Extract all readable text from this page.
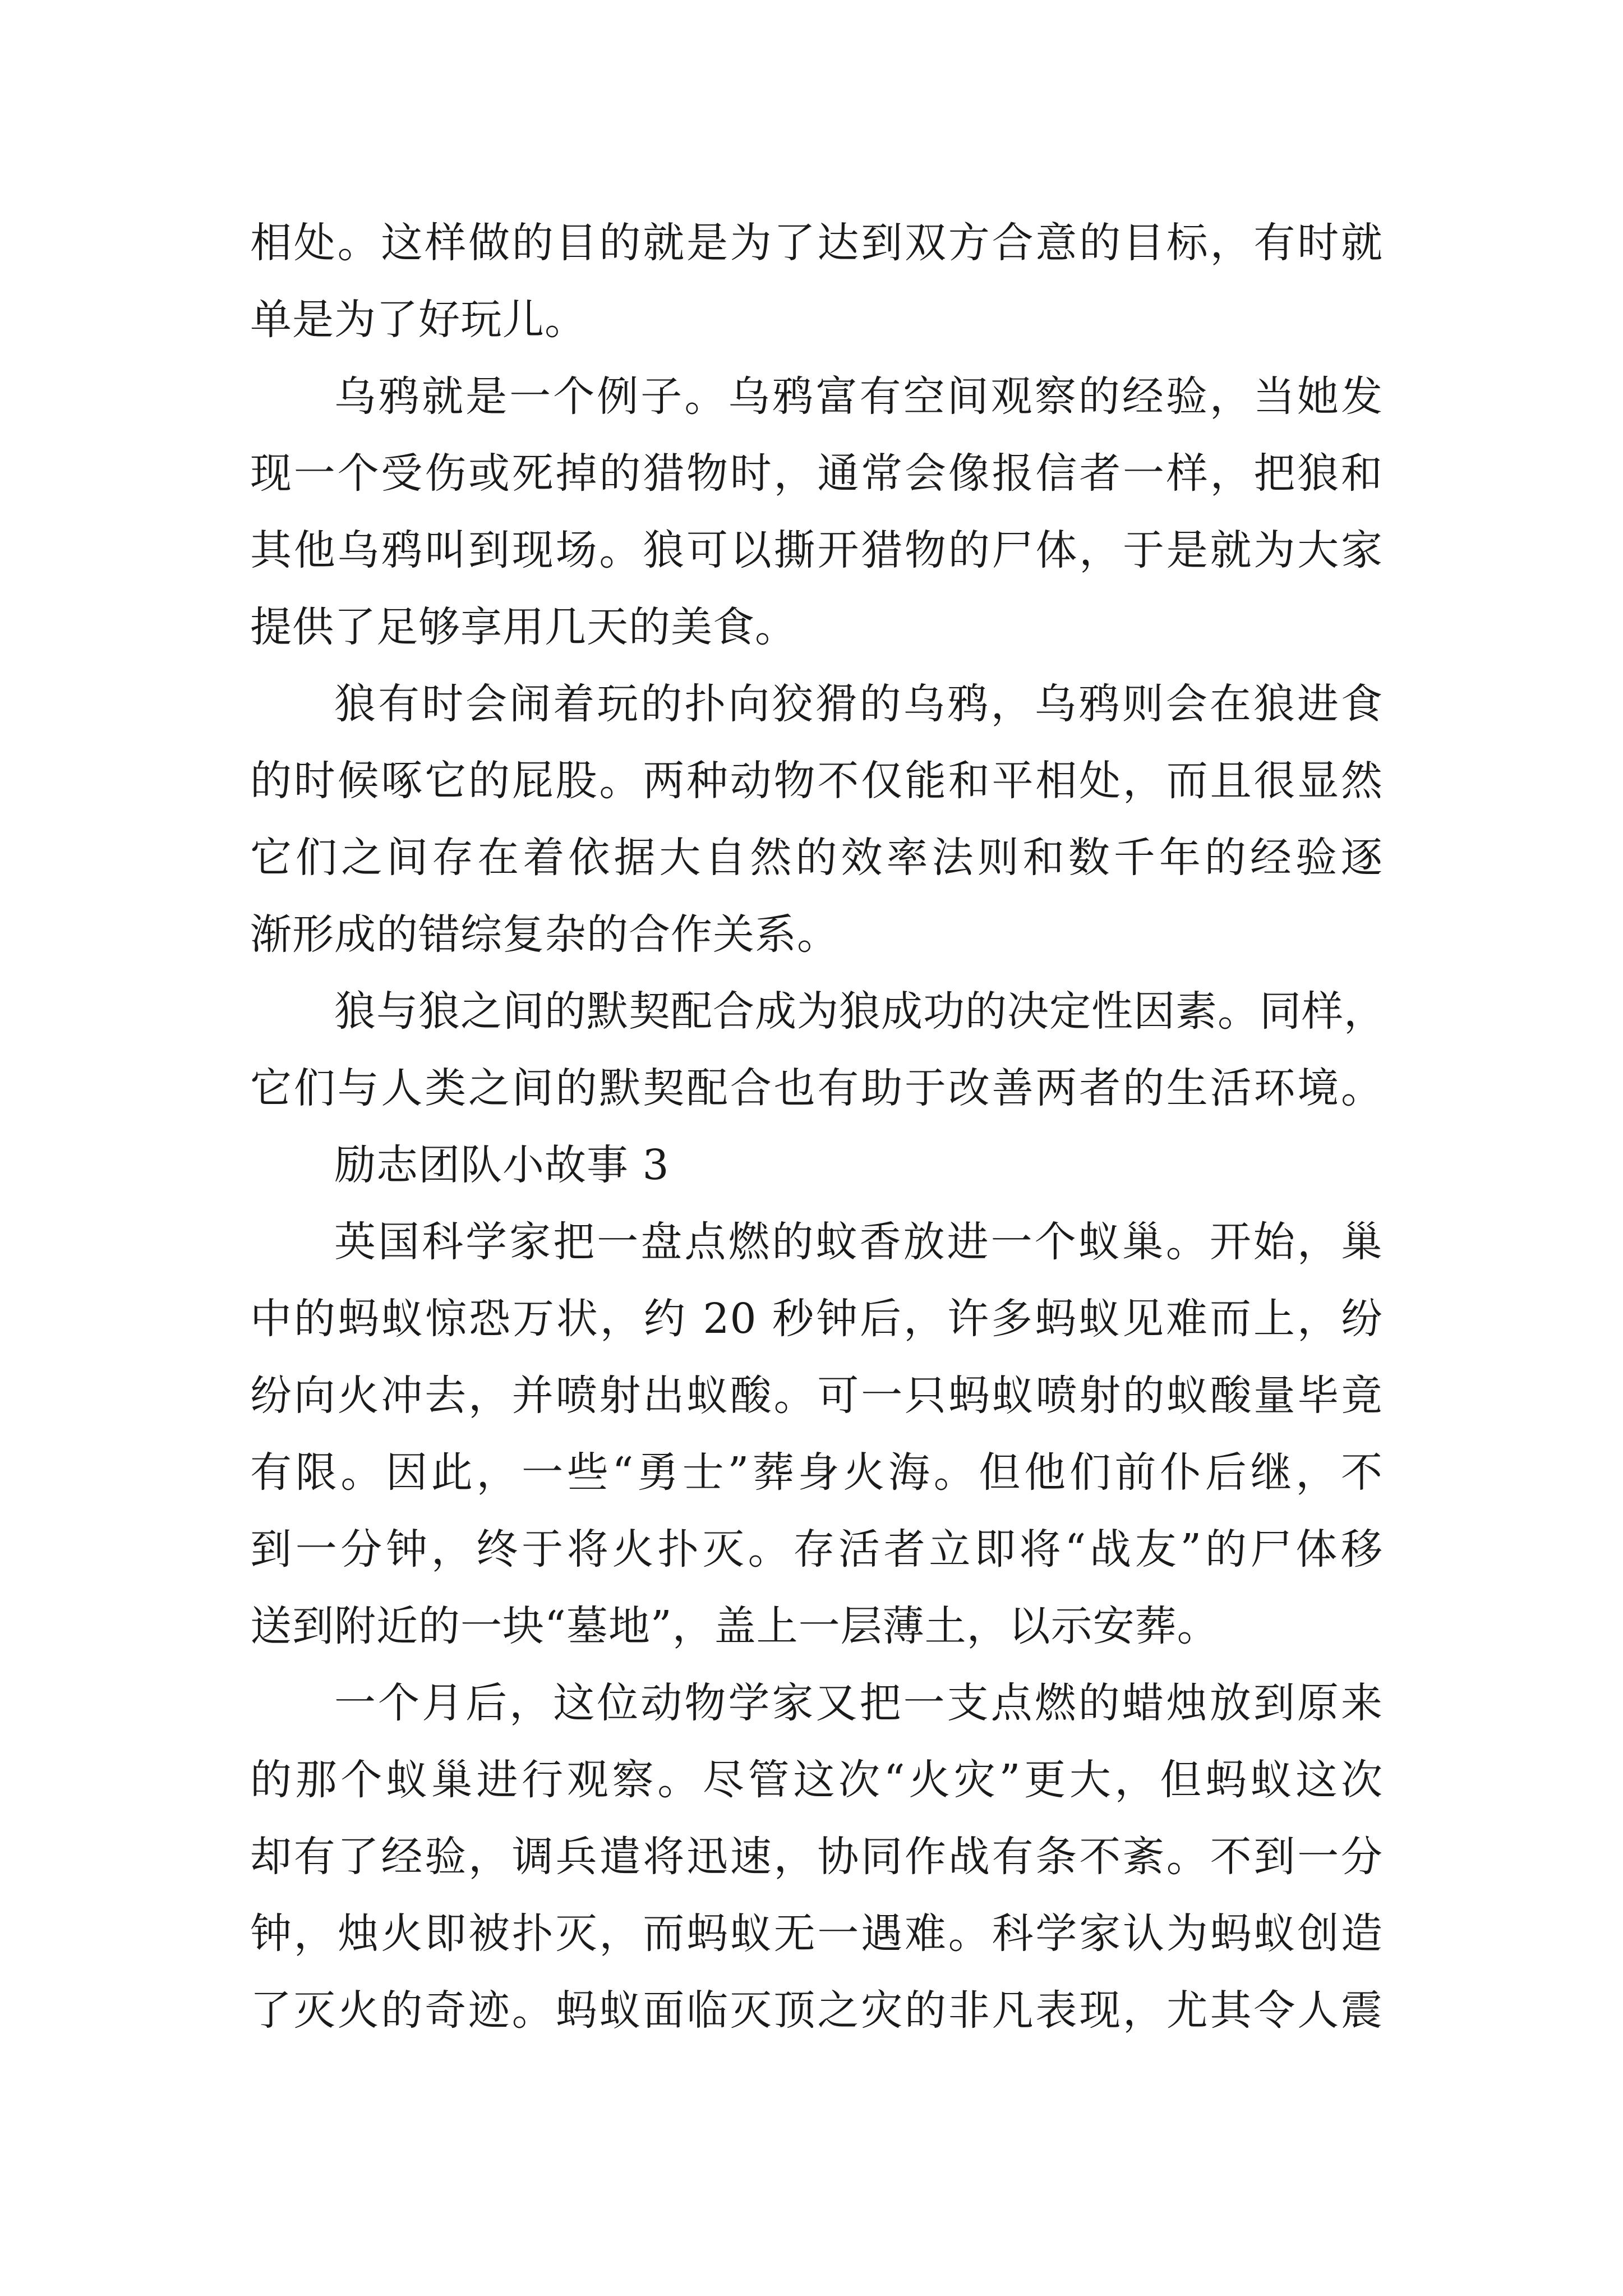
相处。这样做的目的就是为了达到双方合意的目标，有时就
单是为了好玩儿。
乌鸦就是一个例子。乌鸦富有空间观察的经验，当她发
现一个受伤或死掉的猎物时，通常会像报信者一样，把狼和
其他乌鸦叫到现场。狼可以撕开猎物的尸体，于是就为大家
提供了足够享用几天的美食。
狼有时会闹着玩的扑向狡猾的乌鸦，乌鸦则会在狼进食
的时候啄它的屁股。两种动物不仅能和平相处，而且很显然
它们之间存在着依据大自然的效率法则和数千年的经验逐
渐形成的错综复杂的合作关系。
狼与狼之间的默契配合成为狼成功的决定性因素。同样，
它们与人类之间的默契配合也有助于改善两者的生活环境。
励志团队小故事 3
英国科学家把一盘点燃的蚊香放进一个蚁巢。开始，巢
中的蚂蚁惊恐万状，约 20 秒钟后，许多蚂蚁见难而上，纷
纷向火冲去，并喷射出蚁酸。可一只蚂蚁喷射的蚁酸量毕竟
有限。因此，一些“勇士”葬身火海。但他们前仆后继，不
到一分钟，终于将火扑灭。存活者立即将“战友”的尸体移
送到附近的一块“墓地”，盖上一层薄土，以示安葬。
一个月后，这位动物学家又把一支点燃的蜡烛放到原来
的那个蚁巢进行观察。尽管这次“火灾”更大，但蚂蚁这次
却有了经验，调兵遣将迅速，协同作战有条不紊。不到一分
钟，烛火即被扑灭，而蚂蚁无一遇难。科学家认为蚂蚁创造
了灭火的奇迹。蚂蚁面临灭顶之灾的非凡表现，尤其令人震
